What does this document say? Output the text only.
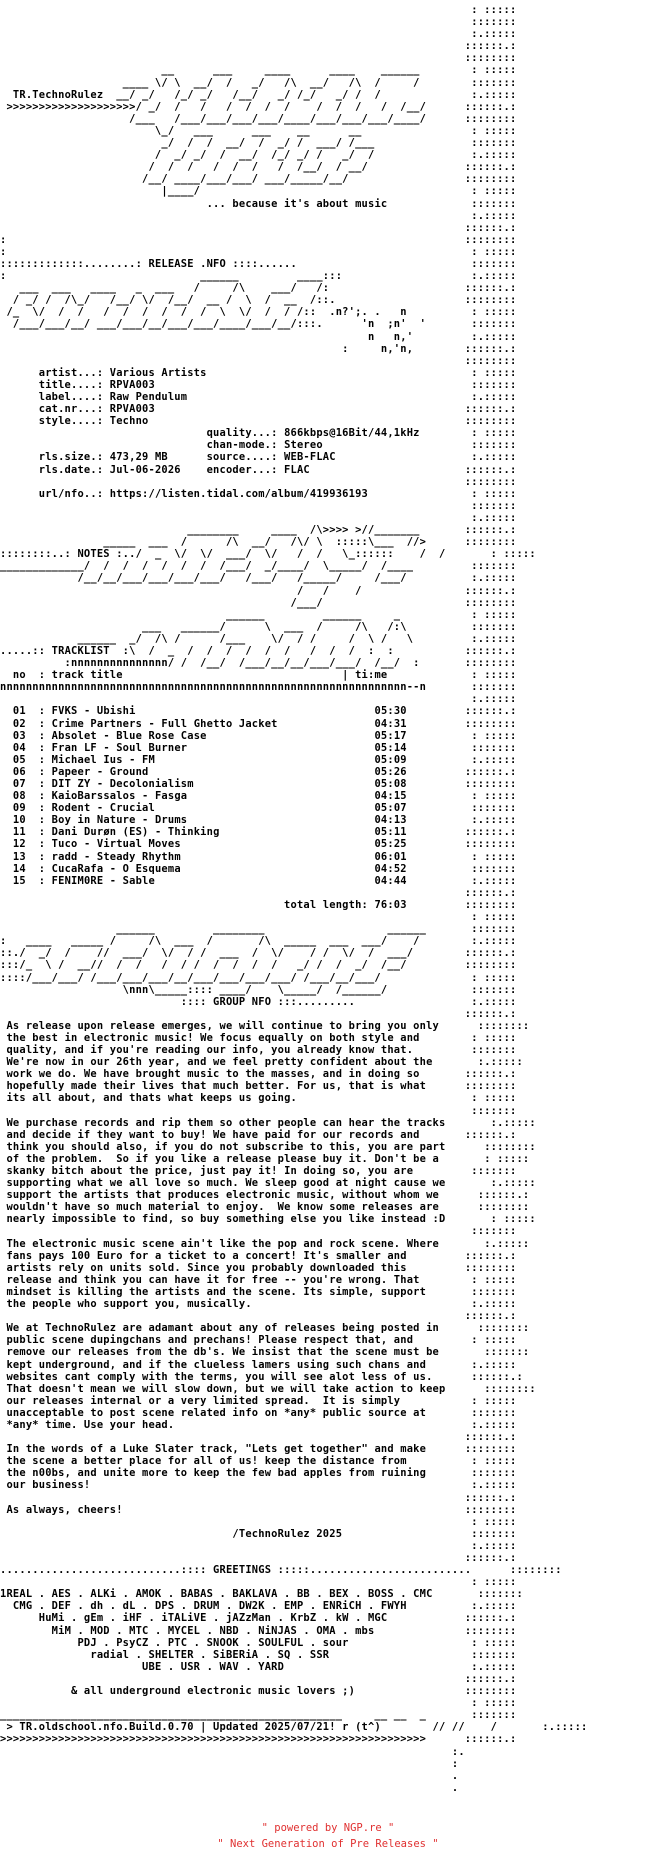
: :::::
:::::::
:.:::::
::::::.:
::::::::
__      ___     ____      ____    ______        : :::::
____ \/ \  __/  /   _/   /\  __/   /\  /     /        :::::::
TR.TechnoRulez  __/ _/   /_/ _/   /__/   _/ /_/   _/ /  /              :.:::::
>>>>>>>>>>>>>>>>>>>>/ _/  /   /   /  /  /  /    /  /  /   /  /__/      ::::::.:
/___   /___/___/___/___/____/___/___/___/____/      ::::::::
\_/   ___      ___    __      __                 : :::::
_/  /  /  __/  /  _/ /  ___/ /___               :::::::
/  _/ _/  /  __/  /_/ _/ /   _/  /               :.:::::
/  /  /   /  /  /   /  /__/  / __/               ::::::.:
/__/ ____/___/___/ ___/_____/__/                  ::::::::
|____/                                          : :::::
... because it's about music	:::::::
:.:::::
::::::.:
:                                                                       ::::::::
:                                                                        : :::::
:::::::::::::........: RELEASE .NFO ::::......                           :::::::
:                              ______         ____:::                    :.:::::
___  ___   ____   _  ___   /     /\    ___/   /:                     ::::::.:
/ _/ /  /\_/   /__/ \/  /__/  __ /  \  /  __  /::.                    ::::::::
/_  \/  /  /   /  /  /  /  /  /  \  \/  /  / /::  .n?';. .   n          : :::::
/___/___/__/ ___/___/__/___/___/____/___/__/:::.      'n  ;n'  '       :::::::
n   n,'         :.:::::
:     n,'n,        ::::::.:
::::::::
artist...: Various Artists	: :::::
title....: RPVA003	:::::::
label....: Raw Pendulum	:.:::::
cat.nr...: RPVA003	::::::.:
style....: Techno	::::::::
quality...: 866kbps@16Bit/44,1kHz	: :::::
chan-mode.: Stereo	:::::::
rls.size.: 473,29 MB	source....: WEB-FLAC                     :.:::::
rls.date.: Jul-06-2026    encoder...: FLAC                        ::::::.:
::::::::
url/nfo..: https://listen.tidal.com/album/419936193	: :::::
:::::::
:.:::::
________     ____  /\>>>> >//_______       ::::::.:
_____  ___  /      /\  __/   /\/ \  :::::\___  //>      ::::::::
::::::::..: NOTES :../  _  \/  \/  ___/  \/   /  /   \_::::::    /  /       : :::::
_____________/  /  /  /  /  /  /  /___/  _/____/  \_____/  /____         :::::::
/__/__/___/___/___/___/   /___/   /_____/     /___/          :.:::::
/   /    /                ::::::.:
/___/                      ::::::::
______         ______     _           : :::::
___   ______/      \  ___  /     /\   /:\          :::::::
______  _/  /\ /      /___    \/  / /     /  \ /   \         :.:::::
.....:: TRACKLIST  :\  /  _  /  /  /  /  /  /   /  /  /  :  :           ::::::.:
:nnnnnnnnnnnnnnn/ /  /__/  /___/__/__/___/___/  /__/  :       ::::::::
no  : track title                                  | ti:me	: :::::
nnnnnnnnnnnnnnnnnnnnnnnnnnnnnnnnnnnnnnnnnnnnnnnnnnnnnnnnnnnnnnn--n       :::::::
:.:::::
01  : FVKS - Ubishi	05:30	::::::.:
02  : Crime Partners - Full Ghetto Jacket	04:31	::::::::
03  : Absolet - Blue Rose Case	05:17	: :::::
04  : Fran LF - Soul Burner	05:14	:::::::
05  : Michael Ius - FM	05:09	:.:::::
06  : Papeer - Ground	05:26	::::::.:
07  : DIT ZY - Decolonialism	05:08	::::::::
08  : KaioBarssalos - Fasga	04:15	: :::::
09  : Rodent - Crucial	05:07	:::::::
10  : Boy in Nature - Drums	04:13	:.:::::
11  : Dani Durøn (ES) - Thinking	05:11	::::::.:
12  : Tuco - Virtual Moves	05:25	::::::::
13  : radd - Steady Rhythm	06:01	: :::::
14  : CucaRafa - O Esquema	04:52	:::::::
15  : FENIM0RE - Sable	04:44	:.:::::
::::::.:
total length: 76:03	::::::::
: :::::
______         ________                   ______       :::::::
:   ____   _____ /     /\  ___  /       /\  _____  ___  ___/    /        :.:::::
::./  _/  /    //  ___/  \/  / /  ___  /  \/    / /  \/  /  ___/        ::::::.:
:::/_  \ /  __//  /  /   /  / /  /  /  /  /   _/ /  /  _/  /__/         ::::::::
::::/___/___/ /___/___/___/__/___/___/___/___/ /___/__/___/              : :::::
\nnn\_____:::: ____/    \_____/  /______/             :::::::
:::: GROUP NFO :::.........                  :.:::::
::::::.:
As release upon release emerges, we will continue to bring you only	::::::::
the best in electronic music! We focus equally on both style and	: :::::
quality, and if you're reading our info, you already know that.	:::::::
We're now in our 26th year, and we feel pretty confident about the	:.:::::
work we do. We have brought music to the masses, and in doing so	::::::.:
hopefully made their lives that much better. For us, that is what	::::::::
its all about, and thats what keeps us going.	: :::::
:::::::
We purchase records and rip them so other people can hear the tracks	:.:::::
and decide if they want to buy! We have paid for our records and	::::::.:
think you should also, if you do not subscribe to this, you are part	::::::::
of the problem.  So if you like a release please buy it. Don't be a	: :::::
skanky bitch about the price, just pay it! In doing so, you are	:::::::
supporting what we all love so much. We sleep good at night cause we	:.:::::
support the artists that produces electronic music, without whom we	::::::.:
wouldn't have so much material to enjoy.  We know some releases are	::::::::
nearly impossible to find, so buy something else you like instead :D	: :::::
:::::::
The electronic music scene ain't like the pop and rock scene. Where	:.:::::
fans pays 100 Euro for a ticket to a concert! It's smaller and	::::::.:
artists rely on units sold. Since you probably downloaded this	::::::::
release and think you can have it for free -- you're wrong. That	: :::::
mindset is killing the artists and the scene. Its simple, support	:::::::
the people who support you, musically.	:.:::::
::::::.:
We at TechnoRulez are adamant about any of releases being posted in	::::::::
public scene dupingchans and prechans! Please respect that, and	: :::::
remove our releases from the db's. We insist that the scene must be	:::::::
kept underground, and if the clueless lamers using such chans and	:.:::::
websites cant comply with the terms, you will see alot less of us.	::::::.:
That doesn't mean we will slow down, but we will take action to keep	::::::::
our releases internal or a very limited spread.  It is simply	: :::::
unacceptable to post scene related info on *any* public source at	:::::::
*any* time. Use your head.	:.:::::
::::::.:
In the words of a Luke Slater track, "Lets get together" and make	::::::::
the scene a better place for all of us! keep the distance from	: :::::
the n00bs, and unite more to keep the few bad apples from ruining	:::::::
our business!	:.:::::
::::::.:
As always, cheers!	::::::::
: :::::
/TechnoRulez 2025	:::::::
:.:::::
::::::.:
............................:::: GREETINGS :::::.........................      ::::::::
: :::::
1REAL . AES . ALKi . AMOK . BABAS . BAKLAVA . BB . BEX . BOSS . CMC	:::::::
CMG . DEF . dh . dL . DPS . DRUM . DW2K . EMP . ENRiCH . FWYH	:.:::::
HuMi . gEm . iHF . iTALiVE . jAZzMan . KrbZ . kW . MGC	::::::.:
MiM . MOD . MTC . MYCEL . NBD . NiNJAS . OMA . mbs	::::::::
PDJ . PsyCZ . PTC . SNOOK . SOULFUL . sour	: :::::
radial . SHELTER . SiBERiA . SQ . SSR	:::::::
UBE . USR . WAV . YARD	:.:::::
::::::.:
& all underground electronic music lovers ;)	::::::::
: :::::
_____________________________________________________     __ __  _       :::::::
> TR.oldschool.nfo.Build.0.70 | Updated 2025/07/21! r (t^)        // //    /       :.:::::
>>>>>>>>>>>>>>>>>>>>>>>>>>>>>>>>>>>>>>>>>>>>>>>>>>>>>>>>>>>>>>>>>>      ::::::.:
:.
:
.
.

" powered by NGP.re "
" Next Generation of Pre Releases "
